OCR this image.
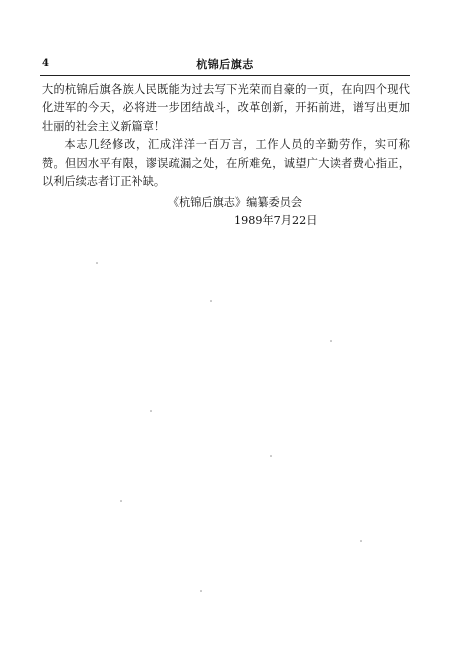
4	杭锦后旗志

大的杭锦后旗各族人民既能为过去写下光荣而自豪的一页，在向四个现代化进军的今天，必将进一步团结战斗，改革创新，开拓前进，谱写出更加壮丽的社会主义新篇章！

本志几经修改，汇成洋洋一百万言，工作人员的辛勤劳作，实可称赞。但因水平有限，谬误疏漏之处，在所难免，诚望广大读者费心指正，以利后续志者订正补缺。

《杭锦后旗志》编纂委员会
1989年7月22日
